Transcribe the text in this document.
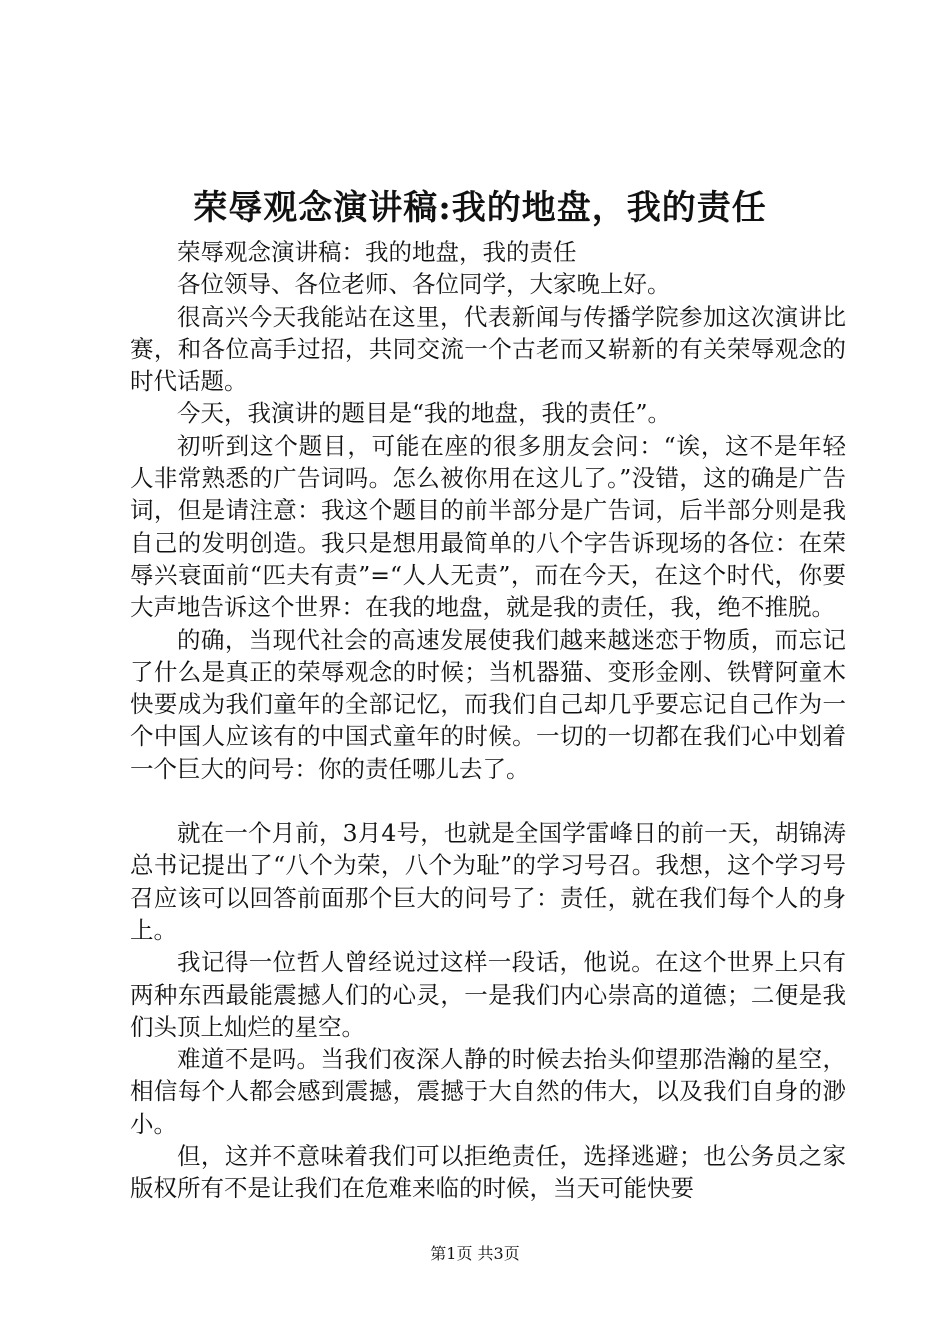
荣辱观念演讲稿:我的地盘，我的责任

荣辱观念演讲稿：我的地盘，我的责任

各位领导、各位老师、各位同学，大家晚上好。

很高兴今天我能站在这里，代表新闻与传播学院参加这次演讲比赛，和各位高手过招，共同交流一个古老而又崭新的有关荣辱观念的时代话题。

今天，我演讲的题目是“我的地盘，我的责任”。

初听到这个题目，可能在座的很多朋友会问：“诶，这不是年轻人非常熟悉的广告词吗。怎么被你用在这儿了。”没错，这的确是广告词，但是请注意：我这个题目的前半部分是广告词，后半部分则是我自己的发明创造。我只是想用最简单的八个字告诉现场的各位：在荣辱兴衰面前“匹夫有责”=“人人无责”，而在今天，在这个时代，你要大声地告诉这个世界：在我的地盘，就是我的责任，我，绝不推脱。

的确，当现代社会的高速发展使我们越来越迷恋于物质，而忘记了什么是真正的荣辱观念的时候；当机器猫、变形金刚、铁臂阿童木快要成为我们童年的全部记忆，而我们自己却几乎要忘记自己作为一个中国人应该有的中国式童年的时候。一切的一切都在我们心中划着一个巨大的问号：你的责任哪儿去了。

就在一个月前，3月4号，也就是全国学雷峰日的前一天，胡锦涛总书记提出了“八个为荣，八个为耻”的学习号召。我想，这个学习号召应该可以回答前面那个巨大的问号了：责任，就在我们每个人的身上。

我记得一位哲人曾经说过这样一段话，他说。在这个世界上只有两种东西最能震撼人们的心灵，一是我们内心崇高的道德；二便是我们头顶上灿烂的星空。

难道不是吗。当我们夜深人静的时候去抬头仰望那浩瀚的星空，相信每个人都会感到震撼，震撼于大自然的伟大，以及我们自身的渺小。

但，这并不意味着我们可以拒绝责任，选择逃避；也公务员之家版权所有不是让我们在危难来临的时候，当天可能快要

第1页 共3页
